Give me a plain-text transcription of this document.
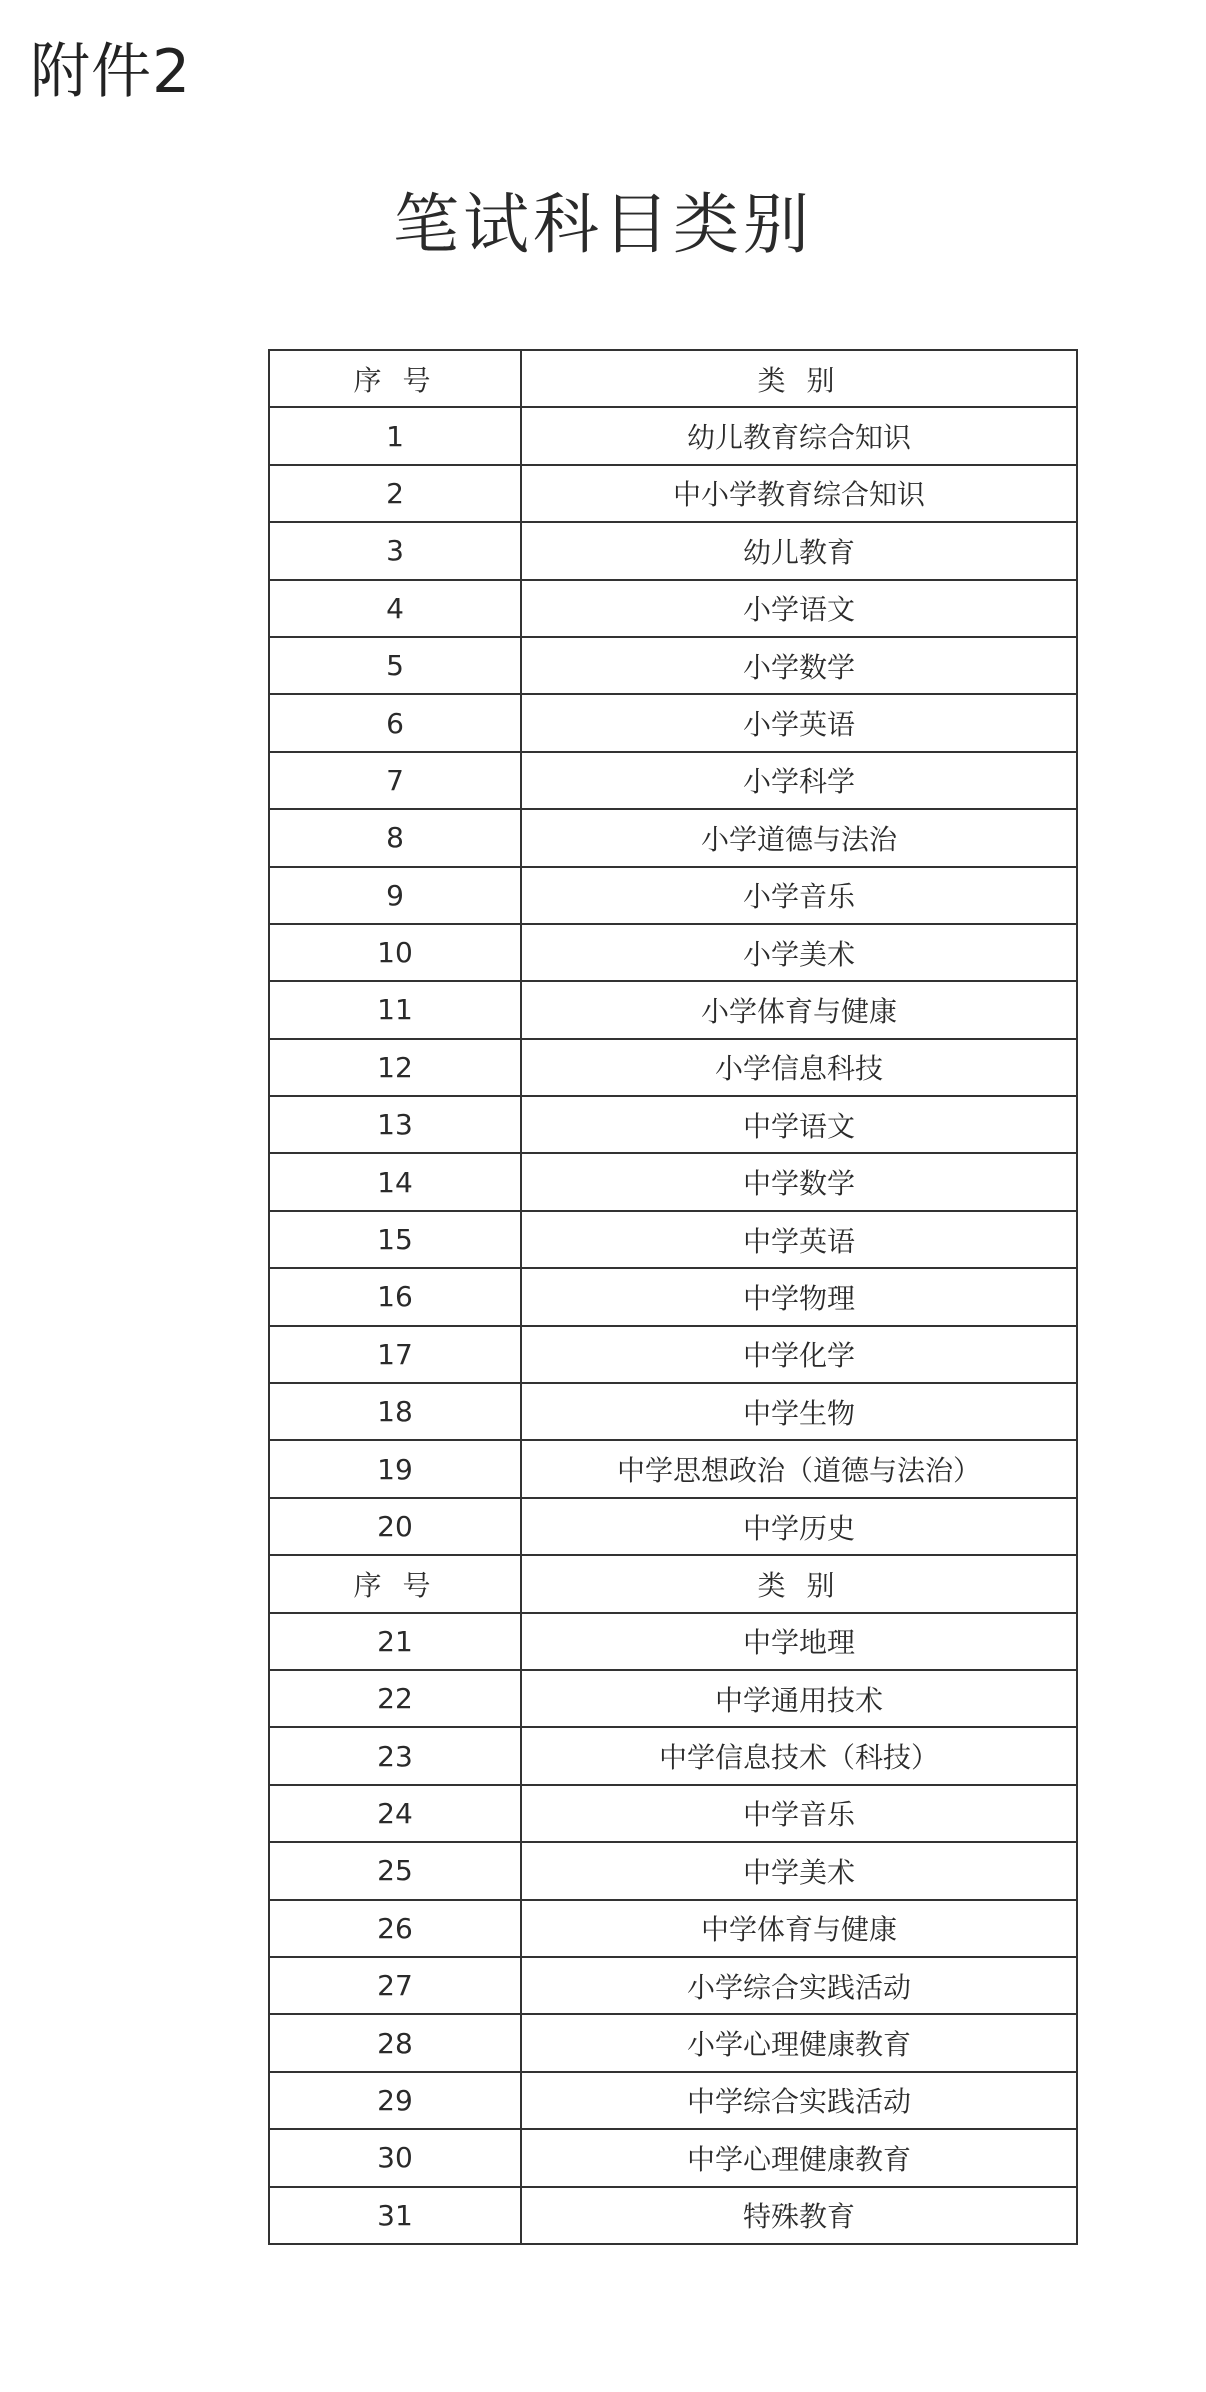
附件2
笔试科目类别
序 号	类 别
1	幼儿教育综合知识
2	中小学教育综合知识
3	幼儿教育
4	小学语文
5	小学数学
6	小学英语
7	小学科学
8	小学道德与法治
9	小学音乐
10	小学美术
11	小学体育与健康
12	小学信息科技
13	中学语文
14	中学数学
15	中学英语
16	中学物理
17	中学化学
18	中学生物
19	中学思想政治（道德与法治）
20	中学历史
序 号	类 别
21	中学地理
22	中学通用技术
23	中学信息技术（科技）
24	中学音乐
25	中学美术
26	中学体育与健康
27	小学综合实践活动
28	小学心理健康教育
29	中学综合实践活动
30	中学心理健康教育
31	特殊教育
